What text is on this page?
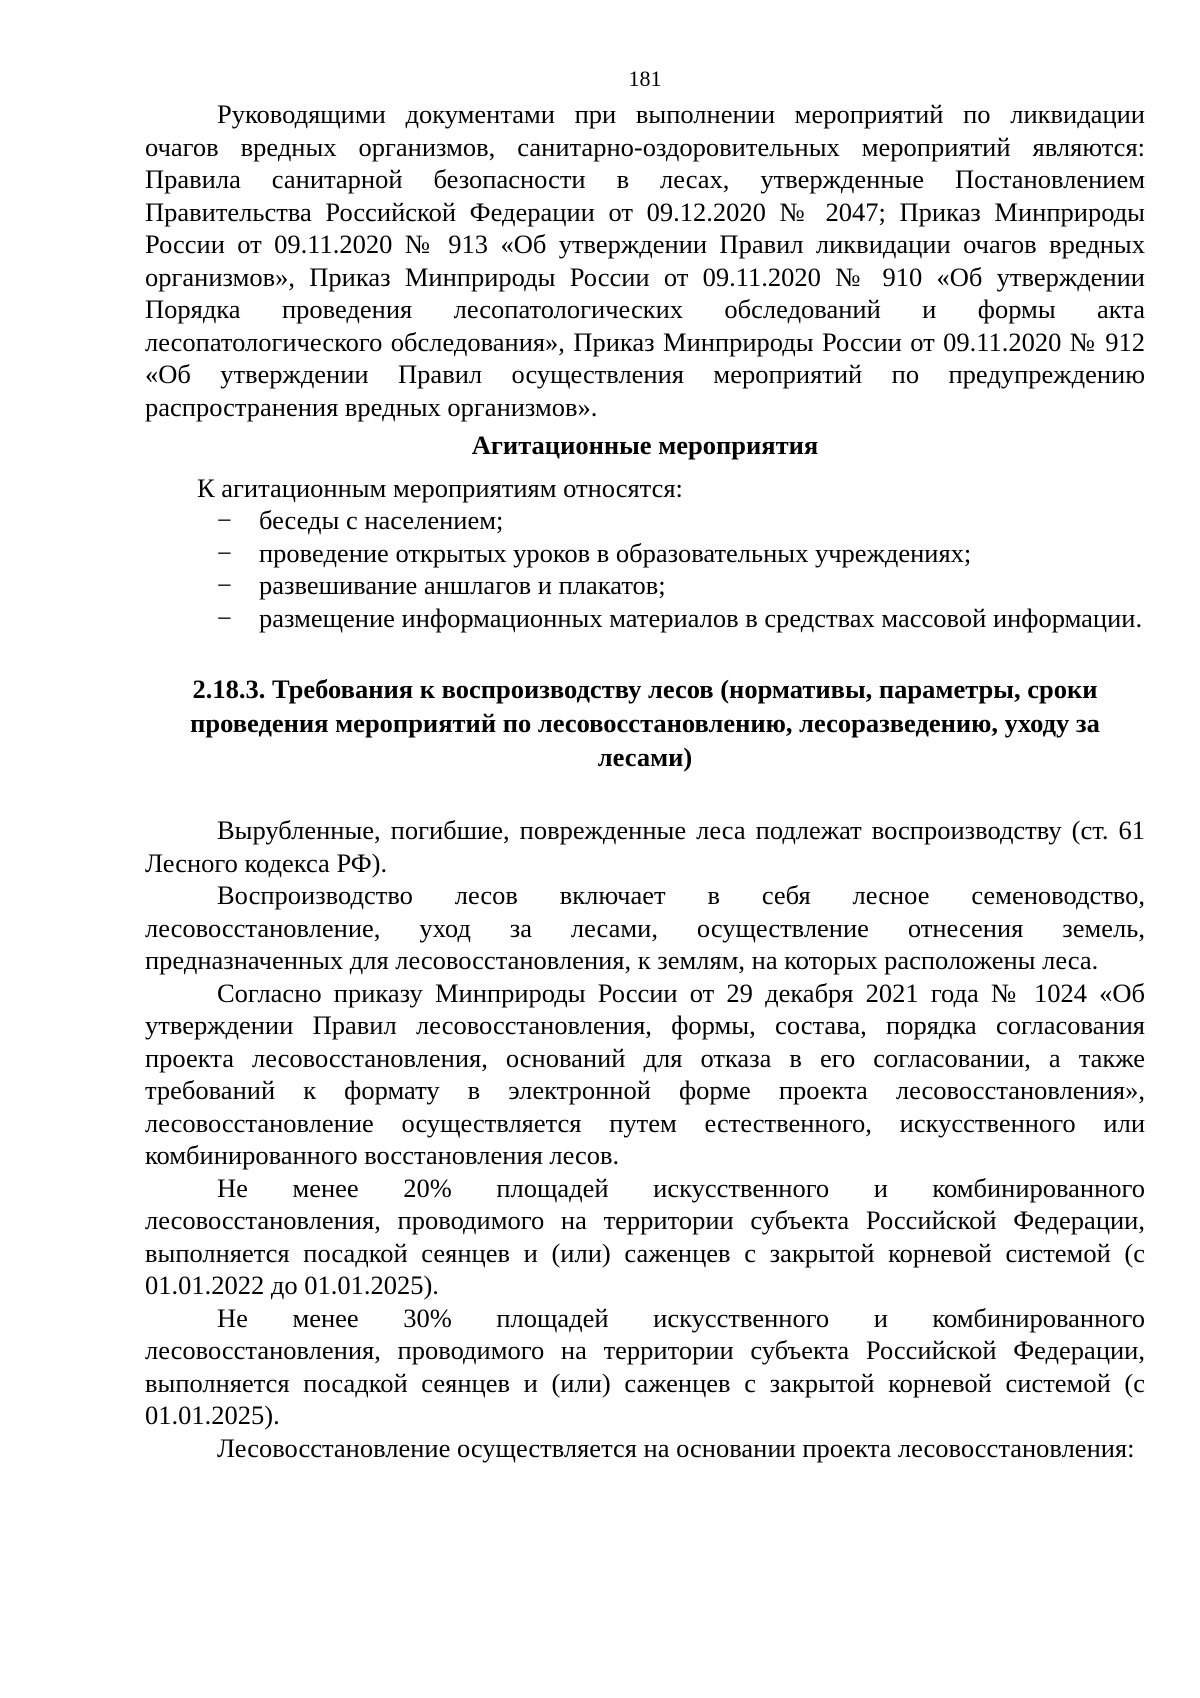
181

Руководящими документами при выполнении мероприятий по ликвидации очагов вредных организмов, санитарно-оздоровительных мероприятий являются: Правила санитарной безопасности в лесах, утвержденные Постановлением Правительства Российской Федерации от 09.12.2020 № 2047; Приказ Минприроды России от 09.11.2020 № 913 «Об утверждении Правил ликвидации очагов вредных организмов», Приказ Минприроды России от 09.11.2020 № 910 «Об утверждении Порядка проведения лесопатологических обследований и формы акта лесопатологического обследования», Приказ Минприроды России от 09.11.2020 № 912 «Об утверждении Правил осуществления мероприятий по предупреждению распространения вредных организмов».

Агитационные мероприятия

К агитационным мероприятиям относятся:

− беседы с населением;
− проведение открытых уроков в образовательных учреждениях;
− развешивание аншлагов и плакатов;
− размещение информационных материалов в средствах массовой информации.
2.18.3. Требования к воспроизводству лесов (нормативы, параметры, сроки проведения мероприятий по лесовосстановлению, лесоразведению, уходу за лесами)

Вырубленные, погибшие, поврежденные леса подлежат воспроизводству (ст. 61 Лесного кодекса РФ).

Воспроизводство лесов включает в себя лесное семеноводство, лесовосстановление, уход за лесами, осуществление отнесения земель, предназначенных для лесовосстановления, к землям, на которых расположены леса.

Согласно приказу Минприроды России от 29 декабря 2021 года № 1024 «Об утверждении Правил лесовосстановления, формы, состава, порядка согласования проекта лесовосстановления, оснований для отказа в его согласовании, а также требований к формату в электронной форме проекта лесовосстановления», лесовосстановление осуществляется путем естественного, искусственного или комбинированного восстановления лесов.

Не менее 20% площадей искусственного и комбинированного лесовосстановления, проводимого на территории субъекта Российской Федерации, выполняется посадкой сеянцев и (или) саженцев с закрытой корневой системой (с 01.01.2022 до 01.01.2025).

Не менее 30% площадей искусственного и комбинированного лесовосстановления, проводимого на территории субъекта Российской Федерации, выполняется посадкой сеянцев и (или) саженцев с закрытой корневой системой (с 01.01.2025).

Лесовосстановление осуществляется на основании проекта лесовосстановления:
